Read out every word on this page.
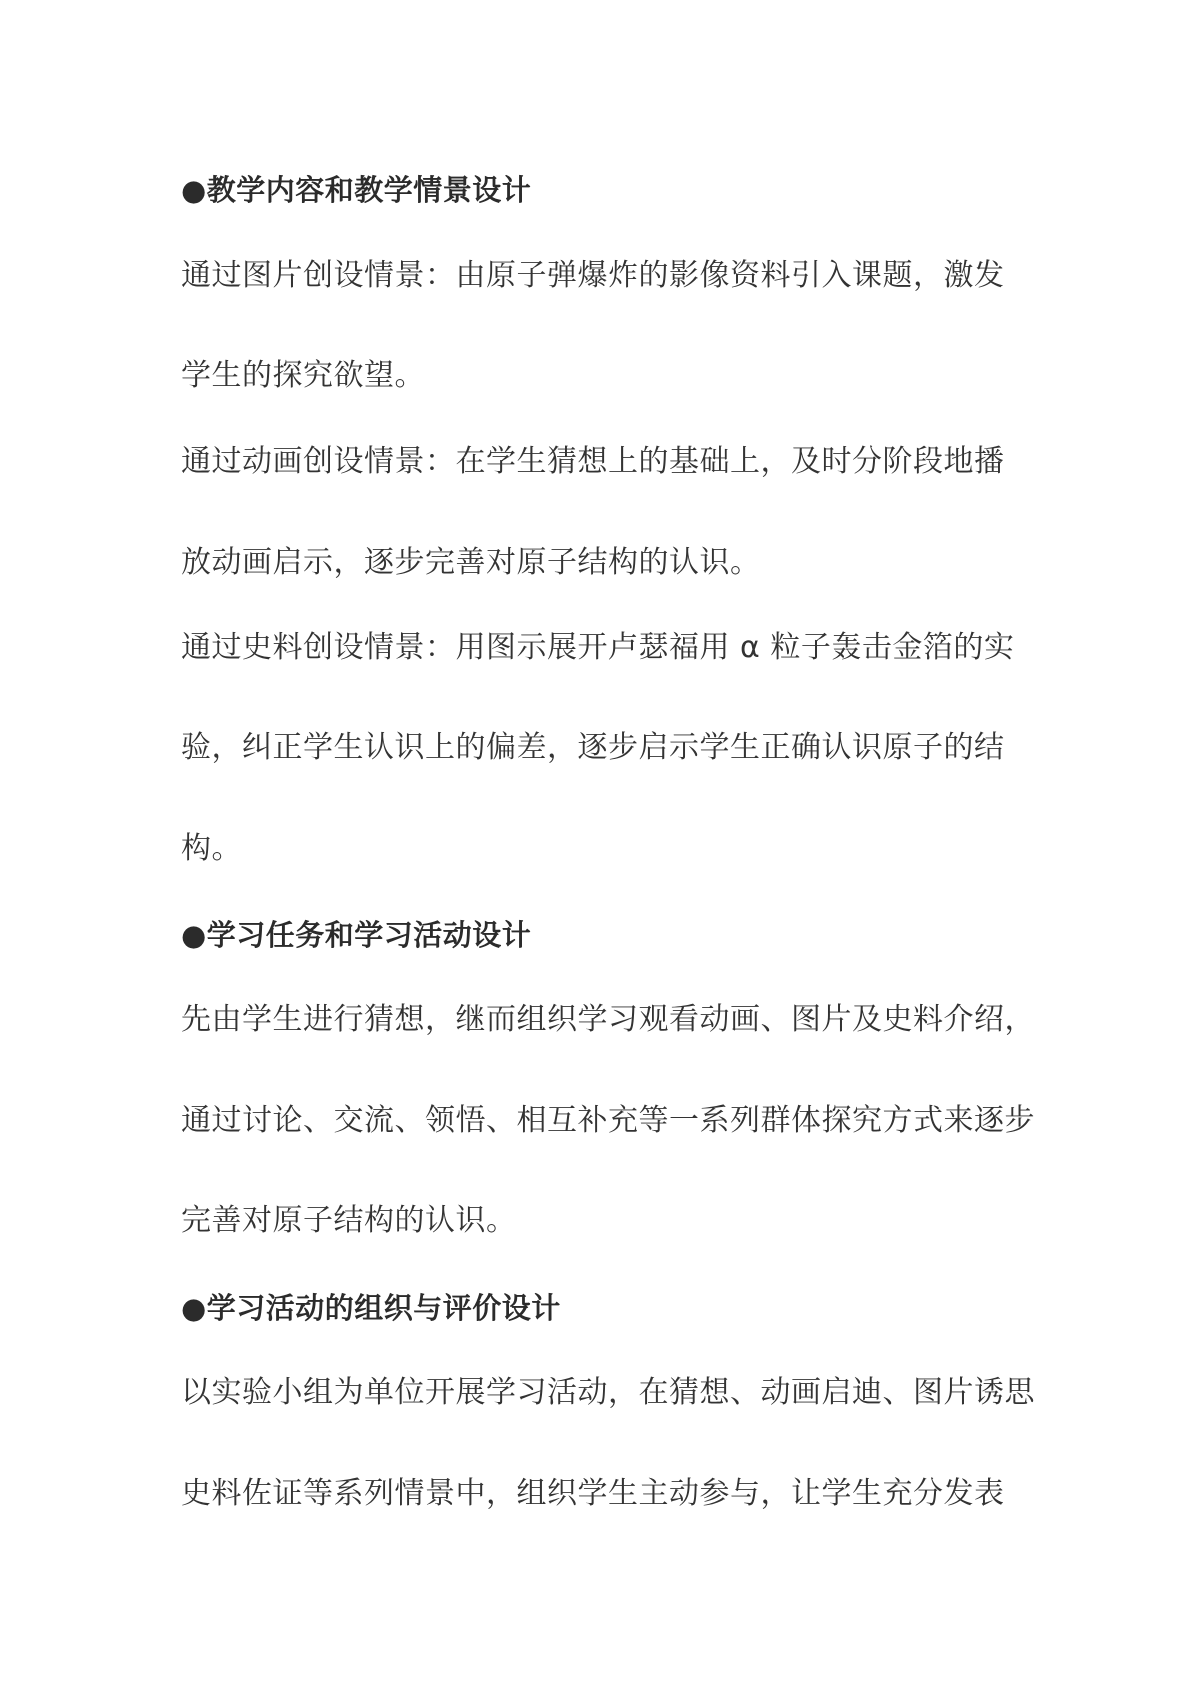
●教学内容和教学情景设计
通过图片创设情景：由原子弹爆炸的影像资料引入课题，激发
学生的探究欲望。
通过动画创设情景：在学生猜想上的基础上，及时分阶段地播
放动画启示，逐步完善对原子结构的认识。
通过史料创设情景：用图示展开卢瑟福用 α 粒子轰击金箔的实
验，纠正学生认识上的偏差，逐步启示学生正确认识原子的结
构。
●学习任务和学习活动设计
先由学生进行猜想，继而组织学习观看动画、图片及史料介绍，
通过讨论、交流、领悟、相互补充等一系列群体探究方式来逐步
完善对原子结构的认识。
●学习活动的组织与评价设计
以实验小组为单位开展学习活动，在猜想、动画启迪、图片诱思
史料佐证等系列情景中，组织学生主动参与，让学生充分发表
